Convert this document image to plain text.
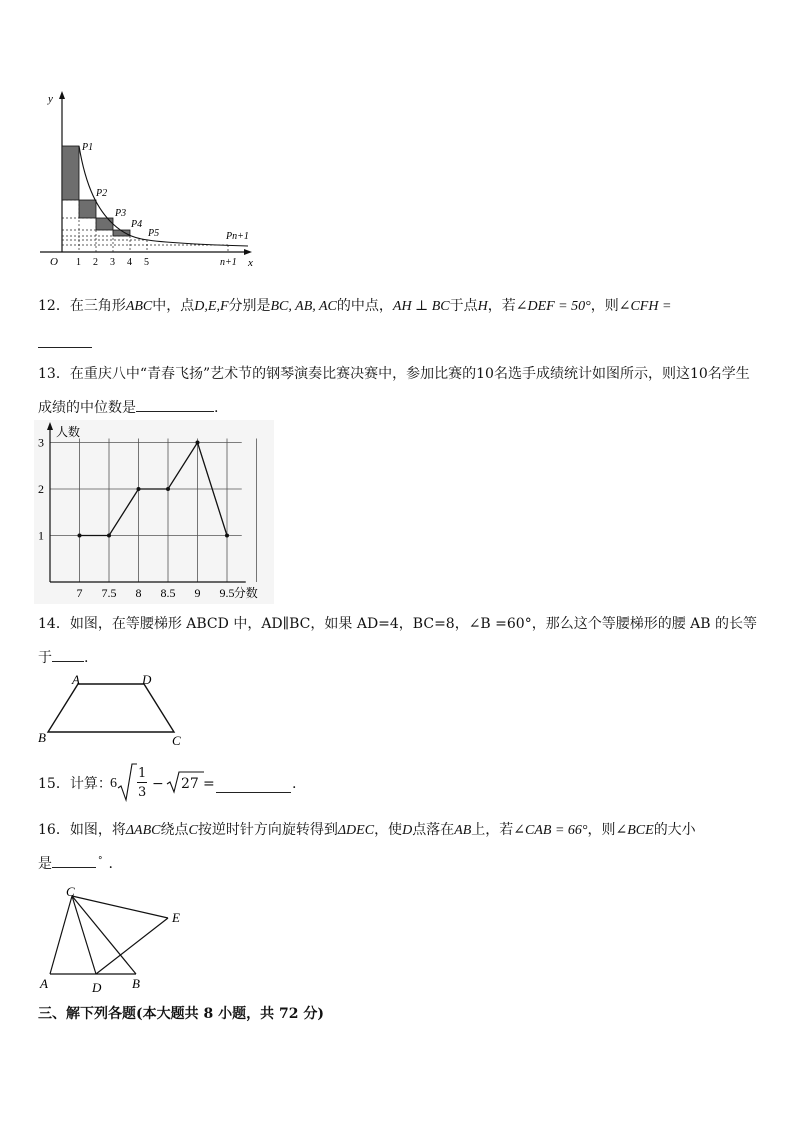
y
x
O 1 2 3 4 5	n+1
P1
P2
P3
P4
P5	Pn+1
12．在三角形ABC中，点D,E,F分别是BC, AB, AC的中点，AH ⊥ BC于点H，若∠DEF = 50°，则∠CFH =
13．在重庆八中“青春飞扬”艺术节的钢琴演奏比赛决赛中，参加比赛的10名选手成绩统计如图所示，则这10名学生
成绩的中位数是	.
7 7.5 8 8.5 9 9.5
1
2
3
人数
分数
14．如图，在等腰梯形 ABCD 中，AD∥BC，如果 AD=4，BC=8，∠B =60°，那么这个等腰梯形的腰 AB 的长等
于 .
A	D
B	C
15．计算：
6
1
3
− 27 =	.
16．如图，将ΔABC绕点C按逆时针方向旋转得到ΔDEC，使D点落在AB上，若∠CAB = 66°，则∠BCE的大小
是	° .
C
E
A	D B
三、解下列各题(本大题共 8 小题，共 72 分)
